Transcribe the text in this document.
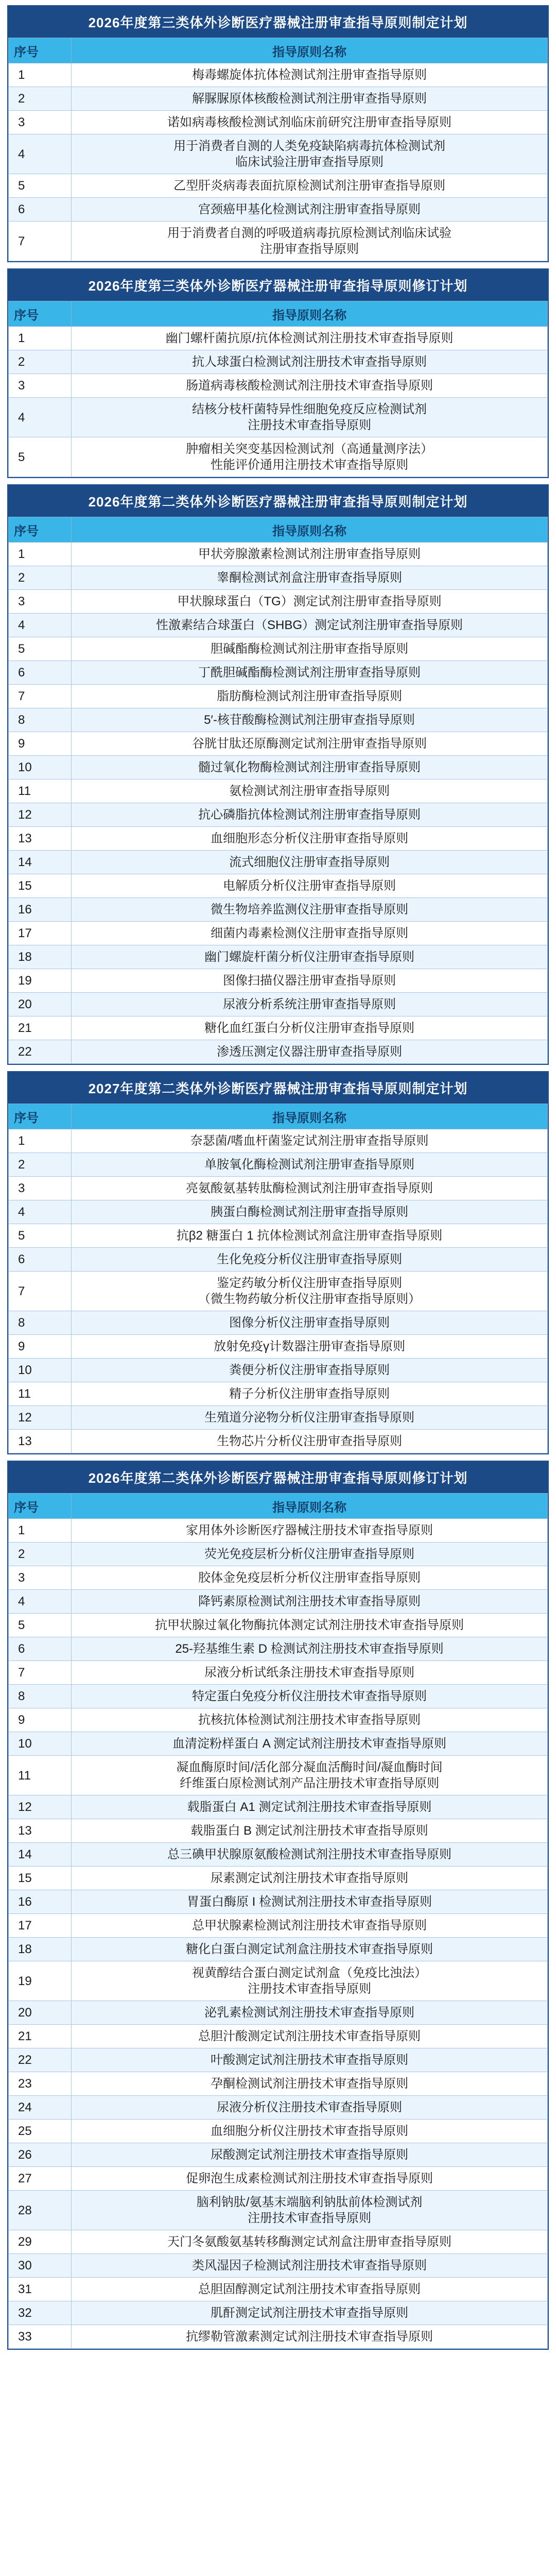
2026年度第三类体外诊断医疗器械注册审查指导原则制定计划
序号	指导原则名称
1	梅毒螺旋体抗体检测试剂注册审查指导原则
2	解脲脲原体核酸检测试剂注册审查指导原则
3	诺如病毒核酸检测试剂临床前研究注册审查指导原则
4	用于消费者自测的人类免疫缺陷病毒抗体检测试剂
临床试验注册审查指导原则
5	乙型肝炎病毒表面抗原检测试剂注册审查指导原则
6	宫颈癌甲基化检测试剂注册审查指导原则
7	用于消费者自测的呼吸道病毒抗原检测试剂临床试验
注册审查指导原则
2026年度第三类体外诊断医疗器械注册审查指导原则修订计划
序号	指导原则名称
1	幽门螺杆菌抗原/抗体检测试剂注册技术审查指导原则
2	抗人球蛋白检测试剂注册技术审查指导原则
3	肠道病毒核酸检测试剂注册技术审查指导原则
4	结核分枝杆菌特异性细胞免疫反应检测试剂
注册技术审查指导原则
5	肿瘤相关突变基因检测试剂（高通量测序法）
性能评价通用注册技术审查指导原则
2026年度第二类体外诊断医疗器械注册审查指导原则制定计划
序号	指导原则名称
1	甲状旁腺激素检测试剂注册审查指导原则
2	睾酮检测试剂盒注册审查指导原则
3	甲状腺球蛋白（TG）测定试剂注册审查指导原则
4	性激素结合球蛋白（SHBG）测定试剂注册审查指导原则
5	胆碱酯酶检测试剂注册审查指导原则
6	丁酰胆碱酯酶检测试剂注册审查指导原则
7	脂肪酶检测试剂注册审查指导原则
8	5′-核苷酸酶检测试剂注册审查指导原则
9	谷胱甘肽还原酶测定试剂注册审查指导原则
10	髓过氧化物酶检测试剂注册审查指导原则
11	氨检测试剂注册审查指导原则
12	抗心磷脂抗体检测试剂注册审查指导原则
13	血细胞形态分析仪注册审查指导原则
14	流式细胞仪注册审查指导原则
15	电解质分析仪注册审查指导原则
16	微生物培养监测仪注册审查指导原则
17	细菌内毒素检测仪注册审查指导原则
18	幽门螺旋杆菌分析仪注册审查指导原则
19	图像扫描仪器注册审查指导原则
20	尿液分析系统注册审查指导原则
21	糖化血红蛋白分析仪注册审查指导原则
22	渗透压测定仪器注册审查指导原则
2027年度第二类体外诊断医疗器械注册审查指导原则制定计划
序号	指导原则名称
1	奈瑟菌/嗜血杆菌鉴定试剂注册审查指导原则
2	单胺氧化酶检测试剂注册审查指导原则
3	亮氨酸氨基转肽酶检测试剂注册审查指导原则
4	胰蛋白酶检测试剂注册审查指导原则
5	抗β2 糖蛋白 1 抗体检测试剂盒注册审查指导原则
6	生化免疫分析仪注册审查指导原则
7	鉴定药敏分析仪注册审查指导原则
（微生物药敏分析仪注册审查指导原则）
8	图像分析仪注册审查指导原则
9	放射免疫γ计数器注册审查指导原则
10	粪便分析仪注册审查指导原则
11	精子分析仪注册审查指导原则
12	生殖道分泌物分析仪注册审查指导原则
13	生物芯片分析仪注册审查指导原则
2026年度第二类体外诊断医疗器械注册审查指导原则修订计划
序号	指导原则名称
1	家用体外诊断医疗器械注册技术审查指导原则
2	荧光免疫层析分析仪注册审查指导原则
3	胶体金免疫层析分析仪注册审查指导原则
4	降钙素原检测试剂注册技术审查指导原则
5	抗甲状腺过氧化物酶抗体测定试剂注册技术审查指导原则
6	25-羟基维生素 D 检测试剂注册技术审查指导原则
7	尿液分析试纸条注册技术审查指导原则
8	特定蛋白免疫分析仪注册技术审查指导原则
9	抗核抗体检测试剂注册技术审查指导原则
10	血清淀粉样蛋白 A 测定试剂注册技术审查指导原则
11	凝血酶原时间/活化部分凝血活酶时间/凝血酶时间
纤维蛋白原检测试剂产品注册技术审查指导原则
12	载脂蛋白 A1 测定试剂注册技术审查指导原则
13	载脂蛋白 B 测定试剂注册技术审查指导原则
14	总三碘甲状腺原氨酸检测试剂注册技术审查指导原则
15	尿素测定试剂注册技术审查指导原则
16	胃蛋白酶原 I 检测试剂注册技术审查指导原则
17	总甲状腺素检测试剂注册技术审查指导原则
18	糖化白蛋白测定试剂盒注册技术审查指导原则
19	视黄醇结合蛋白测定试剂盒（免疫比浊法）
注册技术审查指导原则
20	泌乳素检测试剂注册技术审查指导原则
21	总胆汁酸测定试剂注册技术审查指导原则
22	叶酸测定试剂注册技术审查指导原则
23	孕酮检测试剂注册技术审查指导原则
24	尿液分析仪注册技术审查指导原则
25	血细胞分析仪注册技术审查指导原则
26	尿酸测定试剂注册技术审查指导原则
27	促卵泡生成素检测试剂注册技术审查指导原则
28	脑利钠肽/氨基末端脑利钠肽前体检测试剂
注册技术审查指导原则
29	天门冬氨酸氨基转移酶测定试剂盒注册审查指导原则
30	类风湿因子检测试剂注册技术审查指导原则
31	总胆固醇测定试剂注册技术审查指导原则
32	肌酐测定试剂注册技术审查指导原则
33	抗缪勒管激素测定试剂注册技术审查指导原则
